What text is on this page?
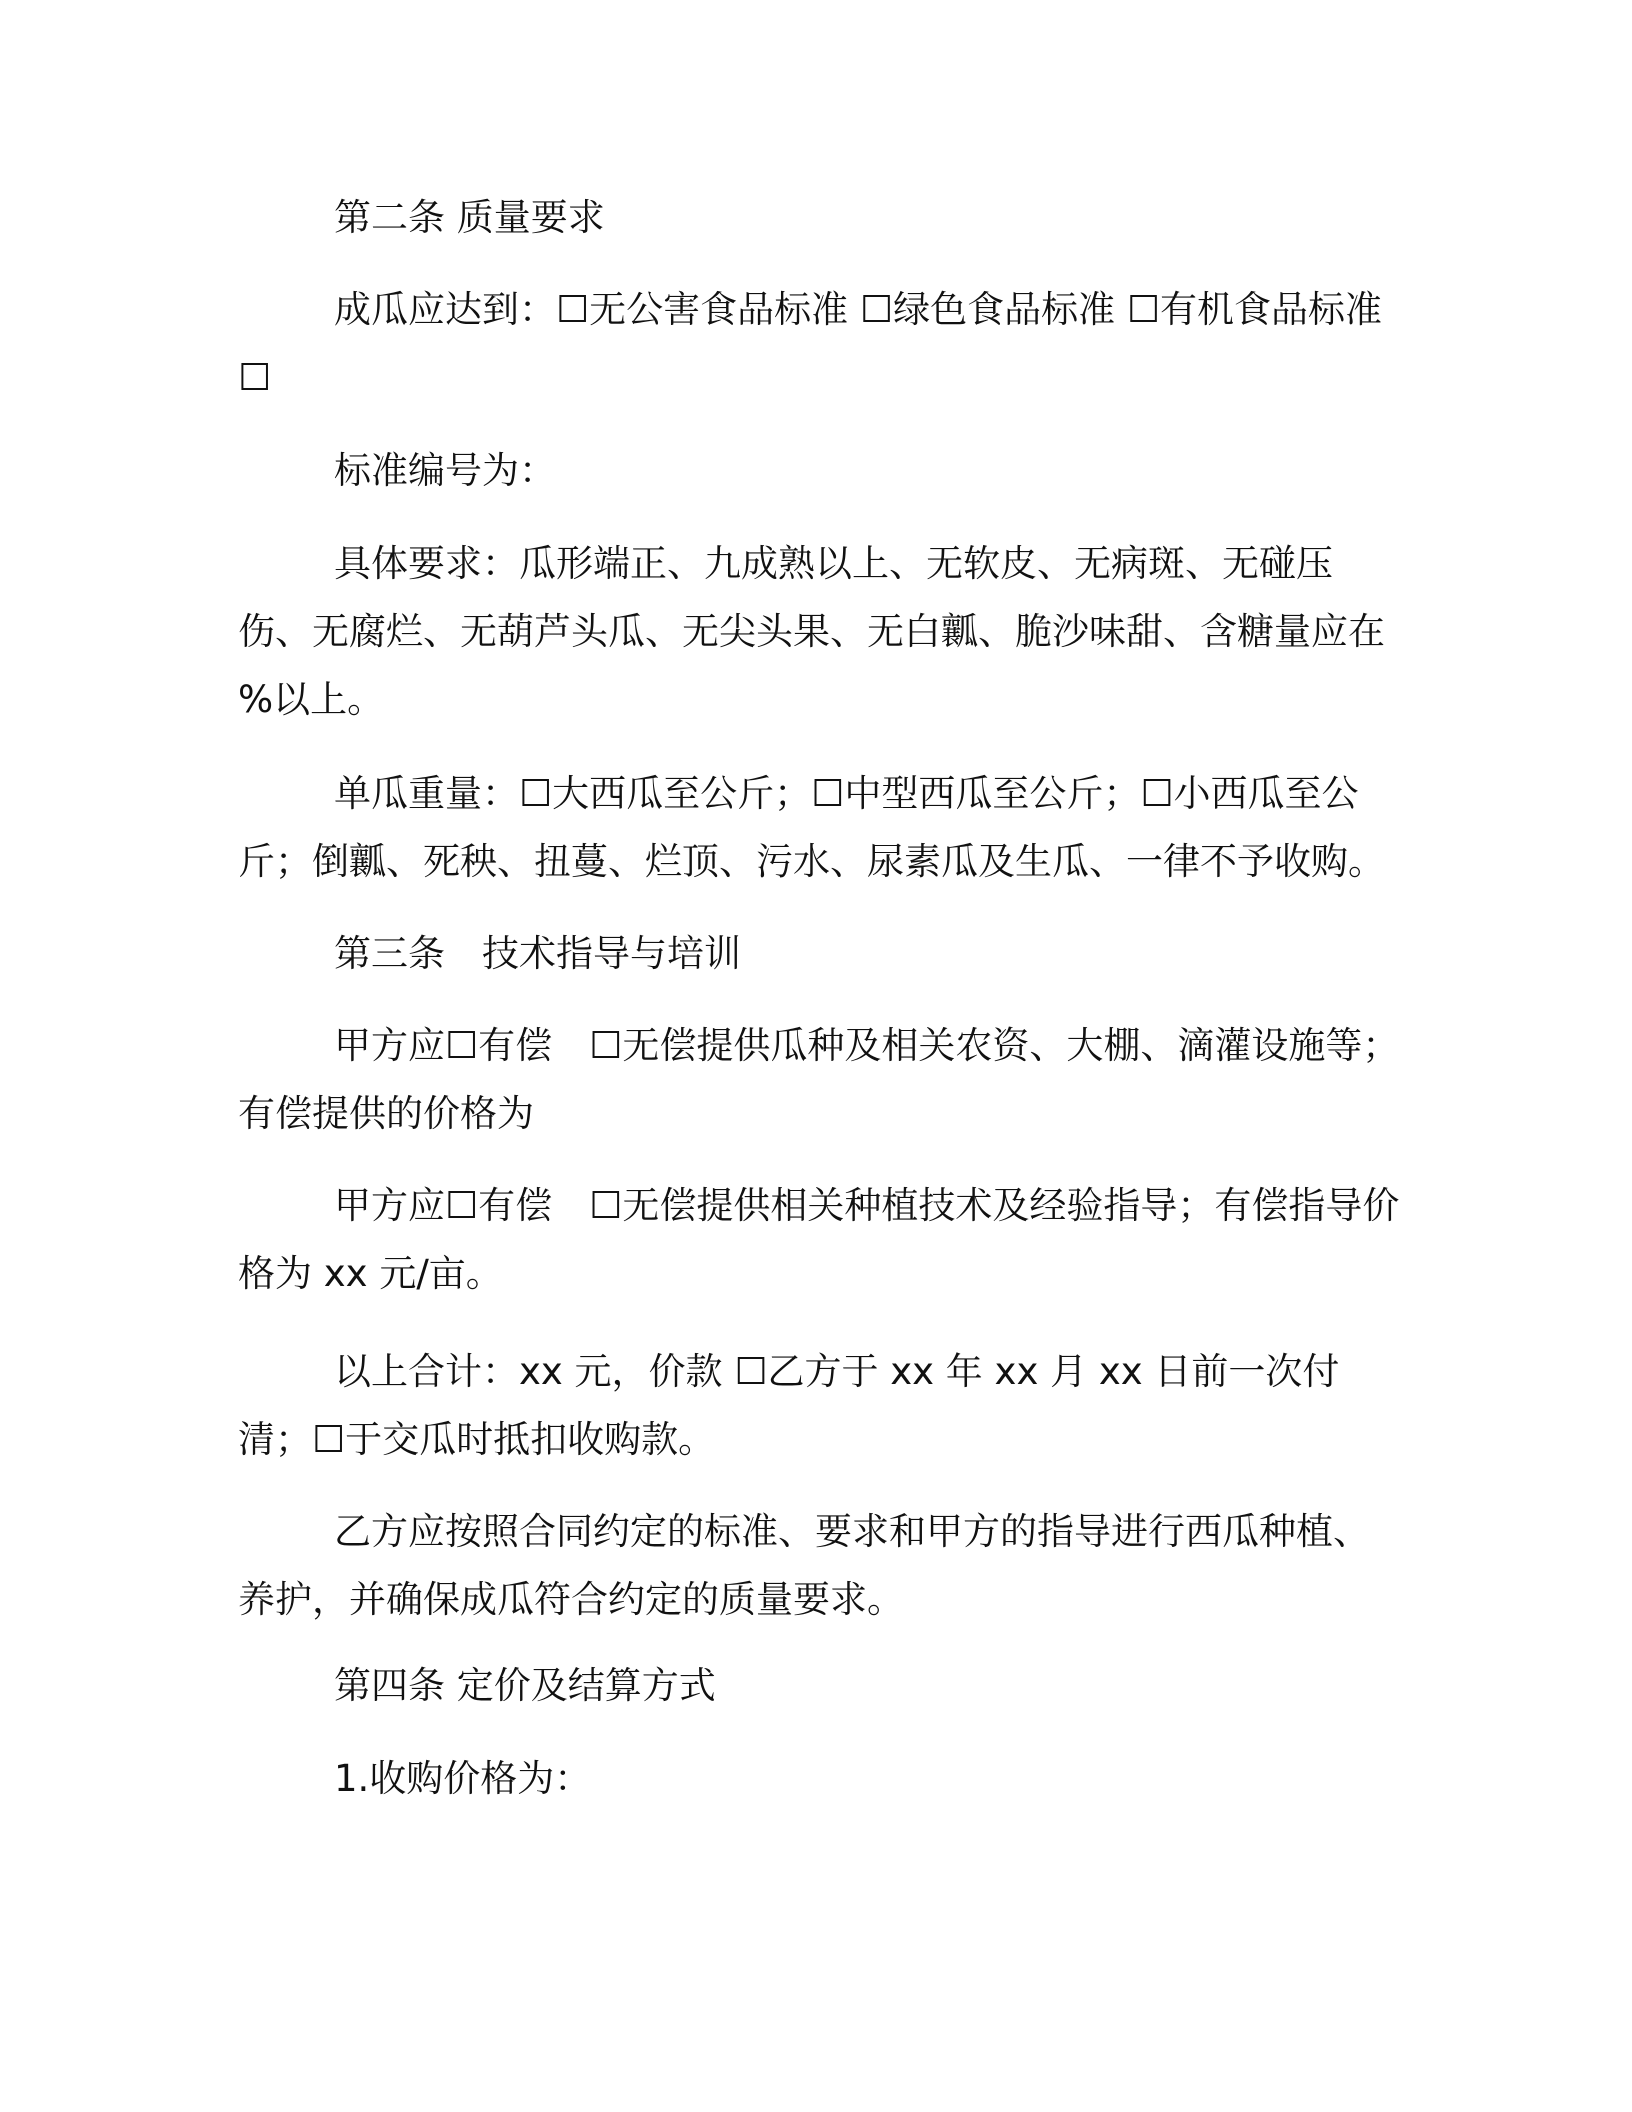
第二条 质量要求

成瓜应达到：☐无公害食品标准 ☐绿色食品标准 ☐有机食品标准 ☐

标准编号为：

具体要求：瓜形端正、九成熟以上、无软皮、无病斑、无碰压伤、无腐烂、无葫芦头瓜、无尖头果、无白瓤、脆沙味甜、含糖量应在　%以上。

单瓜重量：☐大西瓜至公斤；☐中型西瓜至公斤；☐小西瓜至公斤；倒瓤、死秧、扭蔓、烂顶、污水、尿素瓜及生瓜、一律不予收购。

第三条　技术指导与培训

甲方应☐有偿　☐无偿提供瓜种及相关农资、大棚、滴灌设施等；有偿提供的价格为

甲方应☐有偿　☐无偿提供相关种植技术及经验指导；有偿指导价格为 xx 元/亩。

以上合计：xx 元，价款 ☐乙方于 xx 年 xx 月 xx 日前一次付清；☐于交瓜时抵扣收购款。

乙方应按照合同约定的标准、要求和甲方的指导进行西瓜种植、养护，并确保成瓜符合约定的质量要求。

第四条 定价及结算方式

1.收购价格为：
